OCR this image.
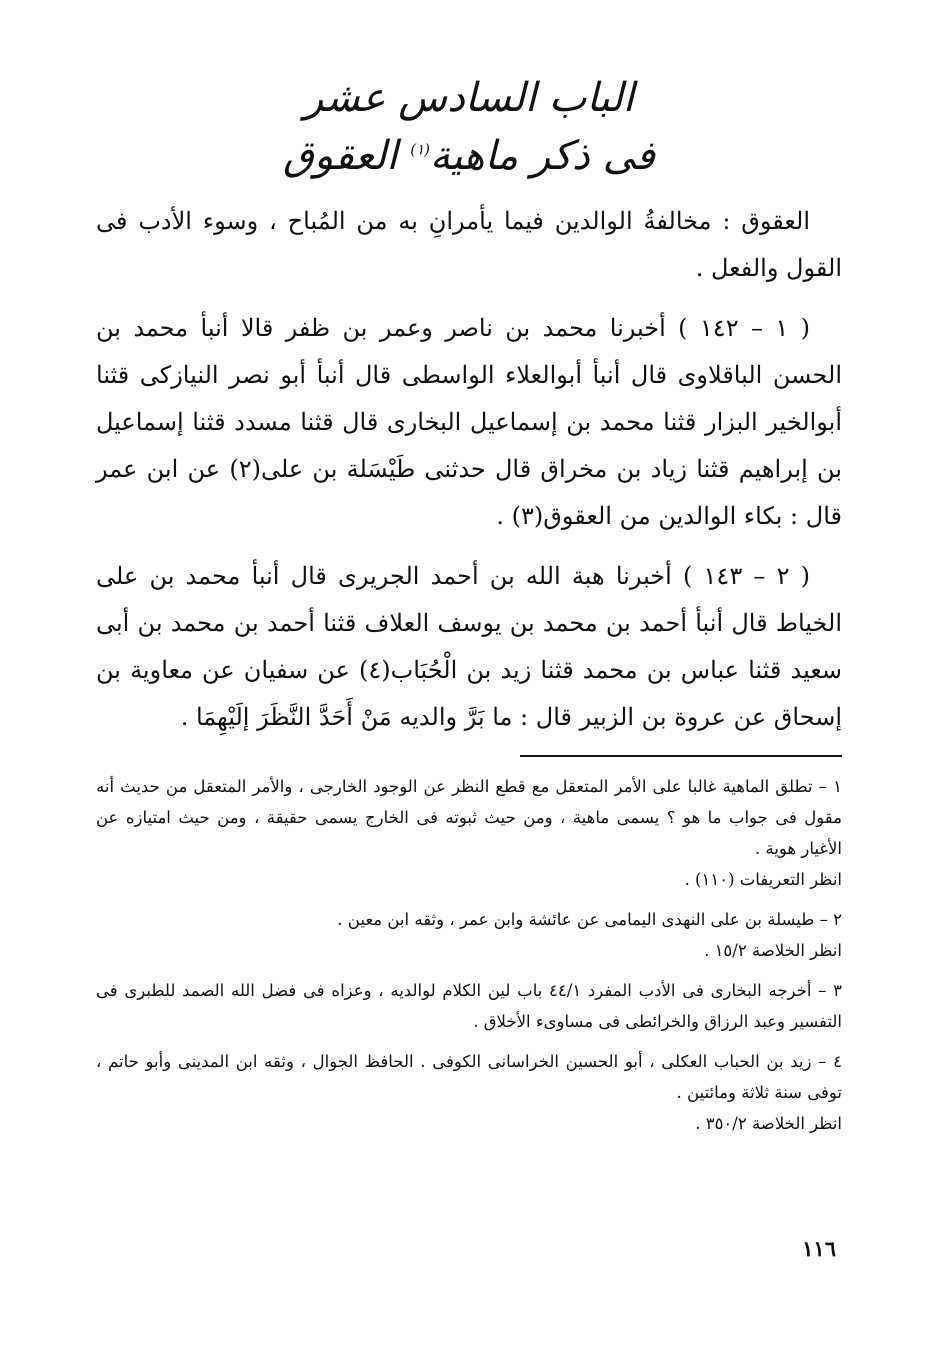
الباب السادس عشر
فى ذكر ماهية$^{(١)}$ العقوق

العقوق : مخالفةُ الوالدين فيما يأمرانِ به من المُباح ، وسوء الأدب فى القول والفعل .

( ١ – ١٤٢ ) أخبرنا محمد بن ناصر وعمر بن ظفر قالا أنبأ محمد بن الحسن الباقلاوى قال أنبأ أبوالعلاء الواسطى قال أنبأ أبو نصر النيازكى قثنا أبوالخير البزار قثنا محمد بن إسماعيل البخارى قال قثنا مسدد قثنا إسماعيل بن إبراهيم قثنا زياد بن مخراق قال حدثنى طَيْسَلة بن على(٢) عن ابن عمر قال : بكاء الوالدين من العقوق(٣) .

( ٢ – ١٤٣ ) أخبرنا هبة الله بن أحمد الجريرى قال أنبأ محمد بن على الخياط قال أنبأ أحمد بن محمد بن يوسف العلاف قثنا أحمد بن محمد بن أبى سعيد قثنا عباس بن محمد قثنا زيد بن الْحُبَاب(٤) عن سفيان عن معاوية بن إسحاق عن عروة بن الزبير قال : ما بَرَّ والديه مَنْ أَحَدَّ النَّظَرَ إلَيْهِمَا .

١ – تطلق الماهية غالبا على الأمر المتعقل مع قطع النظر عن الوجود الخارجى ، والأمر المتعقل من حديث أنه مقول فى جواب ما هو ؟ يسمى ماهية ، ومن حيث ثبوته فى الخارج يسمى حقيقة ، ومن حيث امتيازه عن الأغيار هوية .

انظر التعريفات (١١٠) .

٢ – طيسلة بن على النهدى اليمامى عن عائشة وابن عمر ، وثقه ابن معين .

انظر الخلاصة ١٥/٢ .

٣ – أخرجه البخارى فى الأدب المفرد ٤٤/١ باب لين الكلام لوالديه ، وعزاه فى فضل الله الصمد للطبرى فى التفسير وعبد الرزاق والخرائطى فى مساوىء الأخلاق .

٤ – زيد بن الحباب العكلى ، أبو الحسين الخراسانى الكوفى . الحافظ الجوال ، وثقه ابن المدينى وأبو حاتم ، توفى سنة ثلاثة ومائتين .

انظر الخلاصة ٣٥٠/٢ .

١١٦
